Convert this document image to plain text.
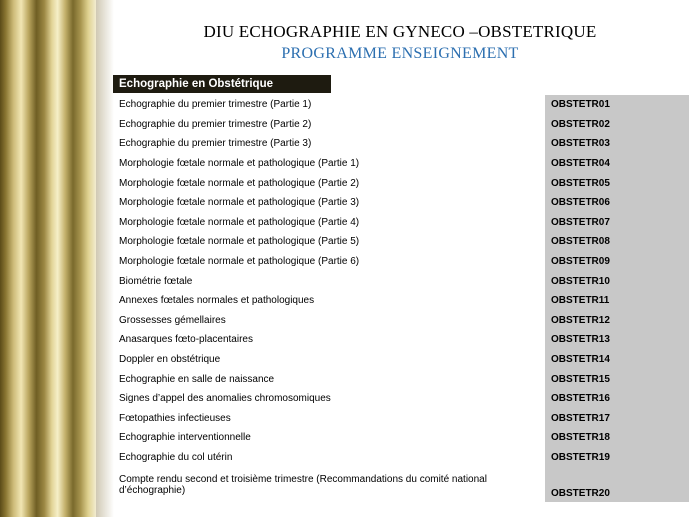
DIU ECHOGRAPHIE EN GYNECO –OBSTETRIQUE
PROGRAMME ENSEIGNEMENT
Echographie en Obstétrique
Echographie du premier trimestre (Partie 1)	OBSTETR01
Echographie du premier trimestre (Partie 2)	OBSTETR02
Echographie du premier trimestre (Partie 3)	OBSTETR03
Morphologie fœtale normale et pathologique (Partie 1)	OBSTETR04
Morphologie fœtale normale et pathologique (Partie 2)	OBSTETR05
Morphologie fœtale normale et pathologique (Partie 3)	OBSTETR06
Morphologie fœtale normale et pathologique (Partie 4)	OBSTETR07
Morphologie fœtale normale et pathologique (Partie 5)	OBSTETR08
Morphologie fœtale normale et pathologique (Partie 6)	OBSTETR09
Biométrie fœtale	OBSTETR10
Annexes fœtales normales et pathologiques	OBSTETR11
Grossesses gémellaires	OBSTETR12
Anasarques fœto-placentaires	OBSTETR13
Doppler en obstétrique	OBSTETR14
Echographie en salle de naissance	OBSTETR15
Signes d’appel des anomalies chromosomiques	OBSTETR16
Fœtopathies infectieuses	OBSTETR17
Echographie interventionnelle	OBSTETR18
Echographie du col utérin	OBSTETR19
Compte rendu second et troisième trimestre (Recommandations du comité national d’échographie)	OBSTETR20
